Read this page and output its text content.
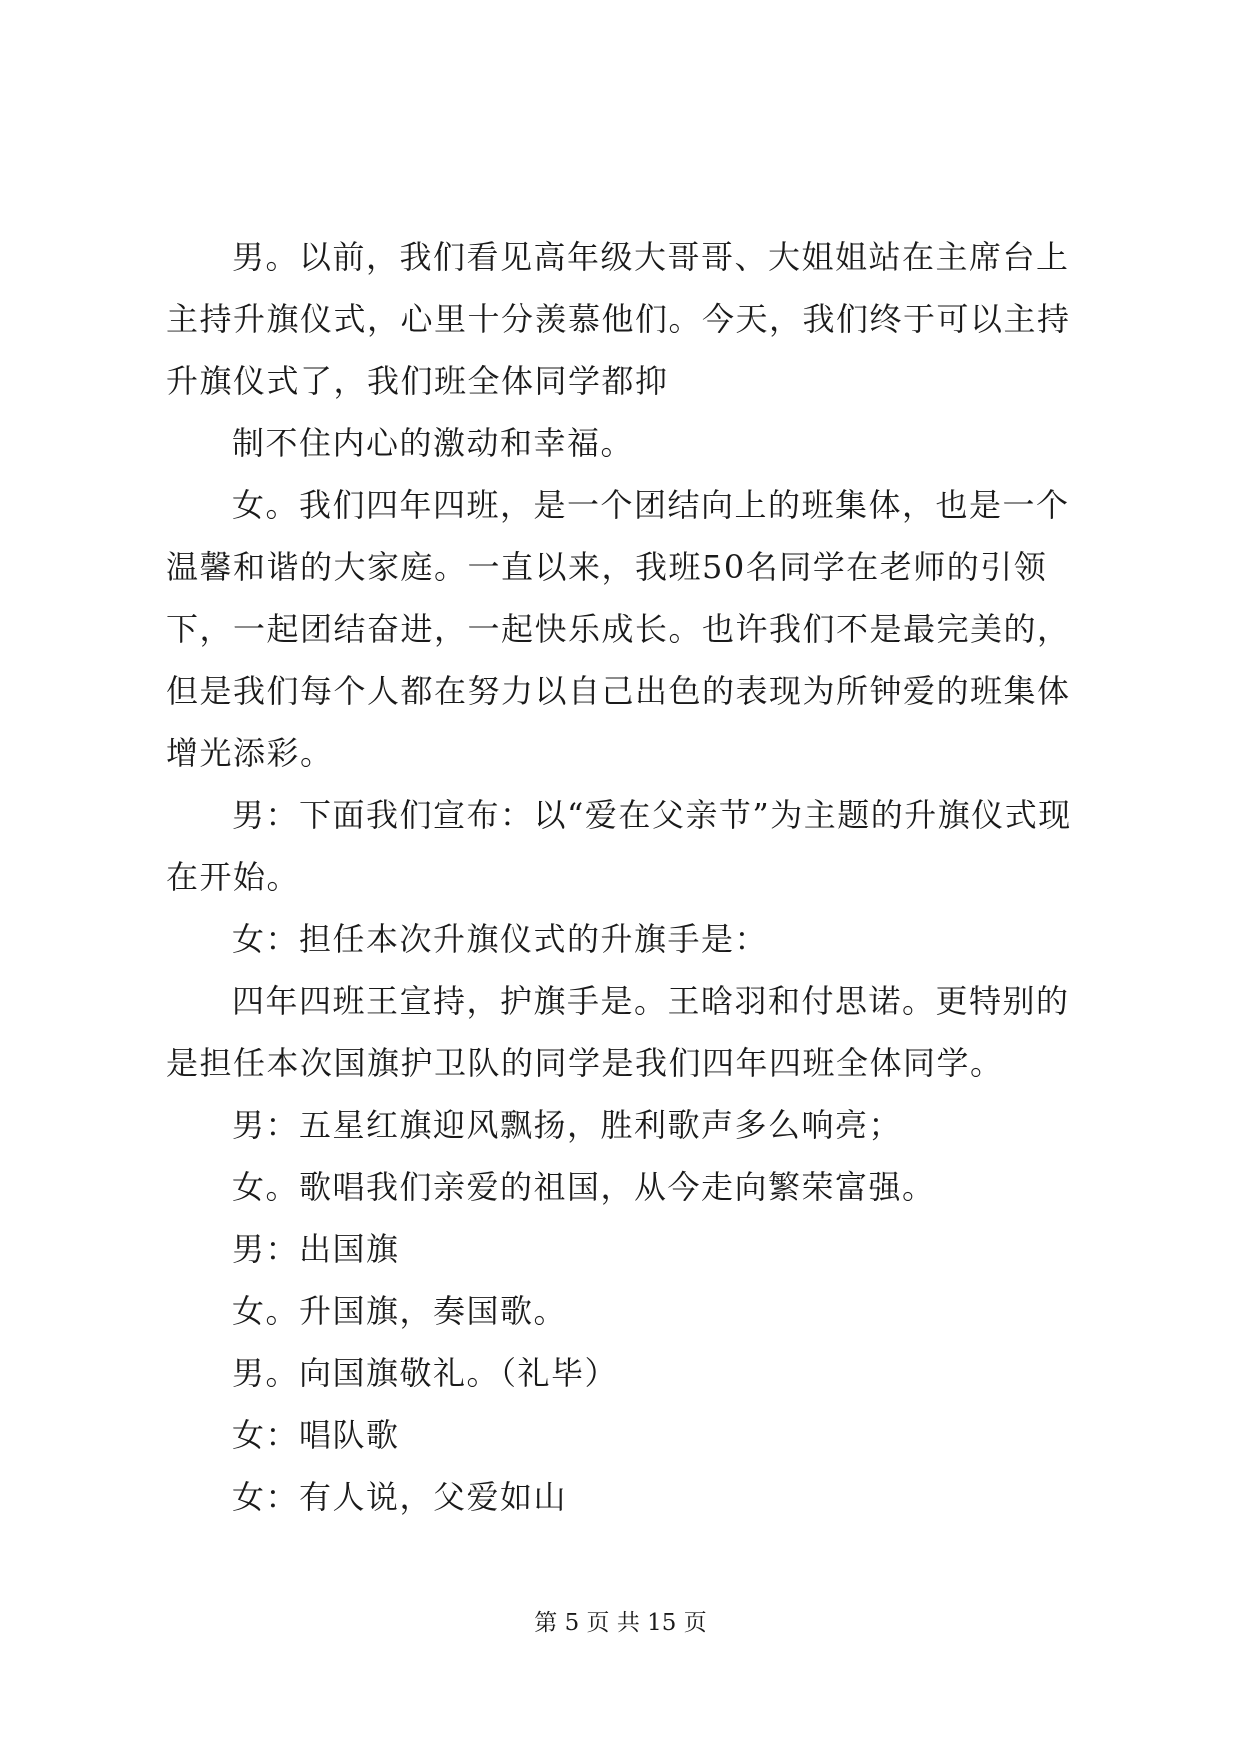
男。以前，我们看见高年级大哥哥、大姐姐站在主席台上主持升旗仪式，心里十分羡慕他们。今天，我们终于可以主持升旗仪式了，我们班全体同学都抑

制不住内心的激动和幸福。

女。我们四年四班，是一个团结向上的班集体，也是一个温馨和谐的大家庭。一直以来，我班50名同学在老师的引领下，一起团结奋进，一起快乐成长。也许我们不是最完美的，但是我们每个人都在努力以自己出色的表现为所钟爱的班集体增光添彩。

男：下面我们宣布：以“爱在父亲节”为主题的升旗仪式现在开始。

女：担任本次升旗仪式的升旗手是：

四年四班王宣持，护旗手是。王晗羽和付思诺。更特别的是担任本次国旗护卫队的同学是我们四年四班全体同学。

男：五星红旗迎风飘扬，胜利歌声多么响亮；

女。歌唱我们亲爱的祖国，从今走向繁荣富强。

男：出国旗

女。升国旗，奏国歌。

男。向国旗敬礼。（礼毕）

女：唱队歌

女：有人说，父爱如山

第 5 页 共 15 页
